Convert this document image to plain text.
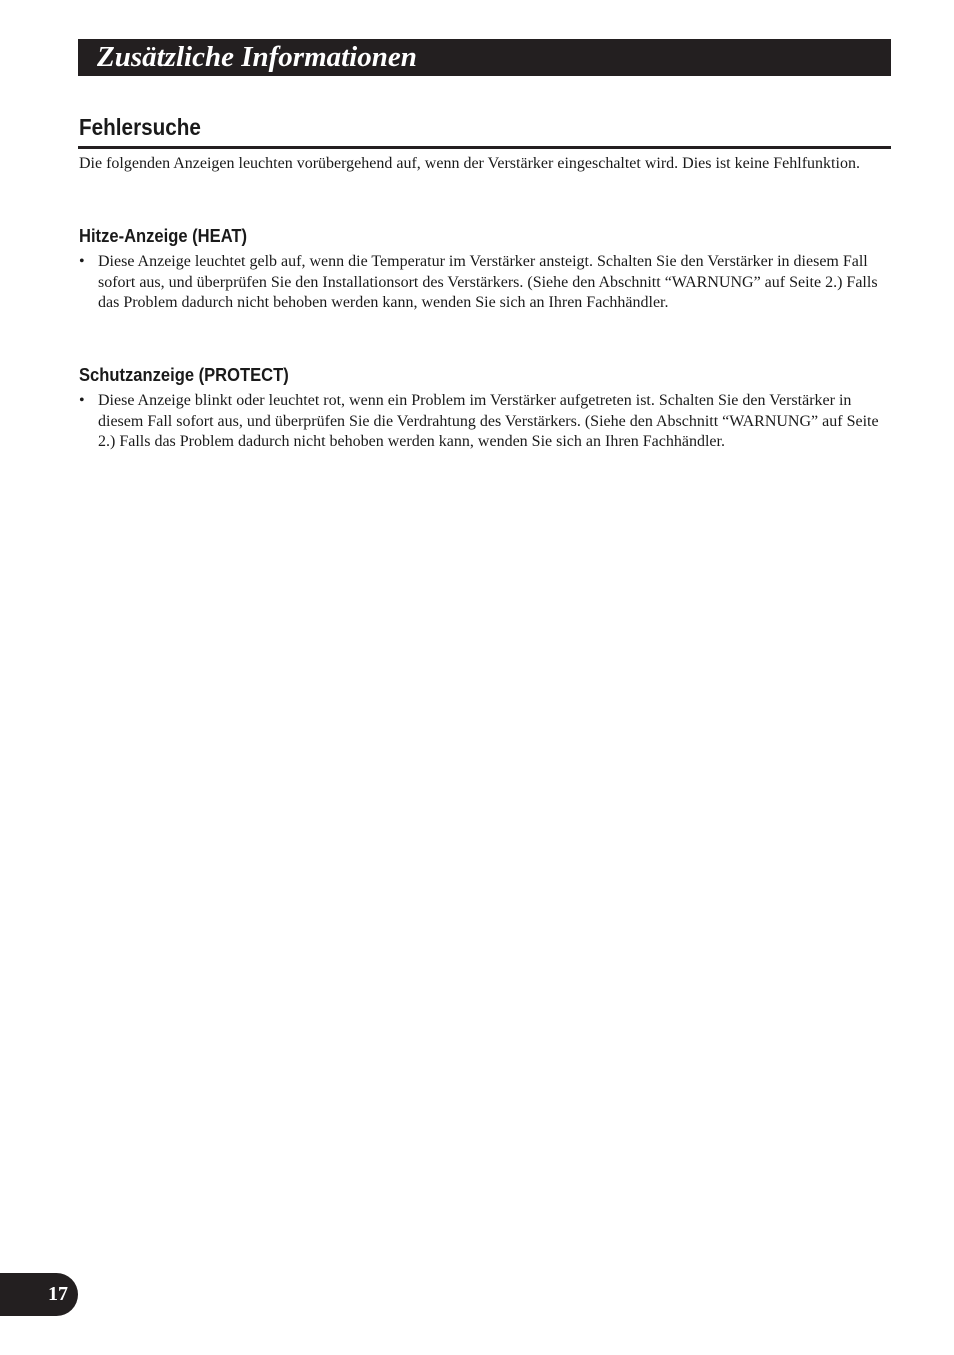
Zusätzliche Informationen
Fehlersuche
Die folgenden Anzeigen leuchten vorübergehend auf, wenn der Verstärker eingeschaltet wird. Dies ist keine Fehlfunktion.
Hitze-Anzeige (HEAT)
• Diese Anzeige leuchtet gelb auf, wenn die Temperatur im Verstärker ansteigt. Schalten Sie den Verstärker in diesem Fall sofort aus, und überprüfen Sie den Installationsort des Verstärkers. (Siehe den Abschnitt “WARNUNG” auf Seite 2.) Falls das Problem dadurch nicht behoben werden kann, wenden Sie sich an Ihren Fachhändler.
Schutzanzeige (PROTECT)
• Diese Anzeige blinkt oder leuchtet rot, wenn ein Problem im Verstärker aufgetreten ist. Schalten Sie den Verstärker in diesem Fall sofort aus, und überprüfen Sie die Verdrahtung des Verstärkers. (Siehe den Abschnitt “WARNUNG” auf Seite 2.) Falls das Problem dadurch nicht behoben werden kann, wenden Sie sich an Ihren Fachhändler.
17
